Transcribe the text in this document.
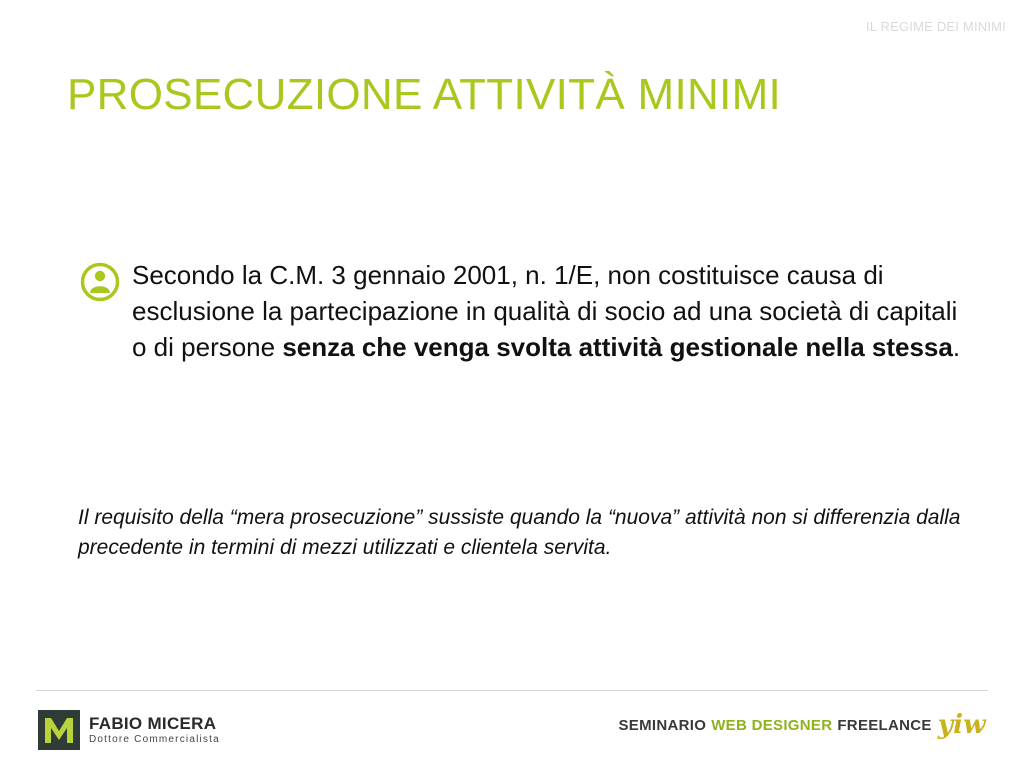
IL REGIME DEI MINIMI
PROSECUZIONE ATTIVITÀ MINIMI
Secondo la C.M. 3 gennaio 2001, n. 1/E, non costituisce causa di esclusione la partecipazione in qualità di socio ad una società di capitali o di persone senza che venga svolta attività gestionale nella stessa.
Il requisito della “mera prosecuzione” sussiste quando la “nuova” attività non si differenzia dalla precedente in termini di mezzi utilizzati e clientela servita.
FABIO MICERA
Dottore Commercialista
SEMINARIO WEB DESIGNER FREELANCE yiw
